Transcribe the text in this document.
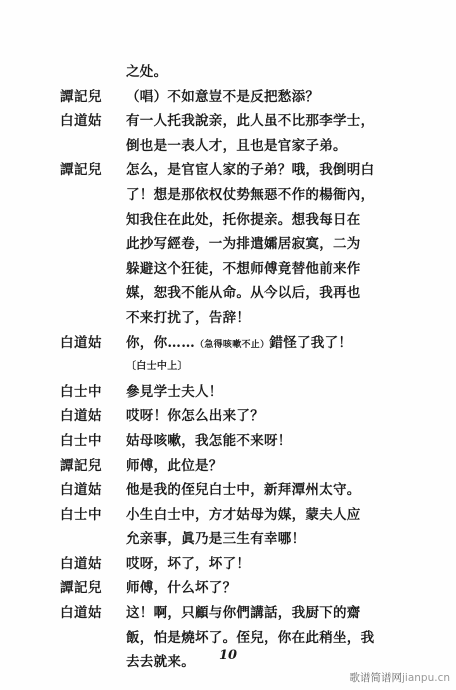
之处。
譚記兒	（唱）不如意豈不是反把愁添？
白道姑	有一人托我說亲，此人虽不比那李学士，
倒也是一表人才，且也是官家子弟。
譚記兒	怎么，是官宦人家的子弟？哦，我倒明白
了！想是那依权仗势無惡不作的楊衙內，
知我住在此处，托你提亲。想我每日在
此抄写經卷，一为排遣孀居寂寞，二为
躲避这个狂徒，不想师傅竟替他前来作
媒，恕我不能从命。从今以后，我再也
不来打扰了，告辞！
白道姑	你，你……（急得咳嗽不止）錯怪了我了！
〔白士中上〕
白士中	參見学士夫人！
白道姑	哎呀！你怎么出来了？
白士中	姑母咳嗽，我怎能不来呀！
譚記兒	师傅，此位是？
白道姑	他是我的侄兒白士中，新拜潭州太守。
白士中	小生白士中，方才姑母为媒，蒙夫人应
允亲事，眞乃是三生有幸哪！
白道姑	哎呀，坏了，坏了！
譚記兒	师傅，什么坏了？
白道姑	这！啊，只顧与你們講話，我厨下的齋
飯，怕是燒坏了。侄兒，你在此稍坐，我
去去就来。	10
歌谱简谱网jianpu.cn
